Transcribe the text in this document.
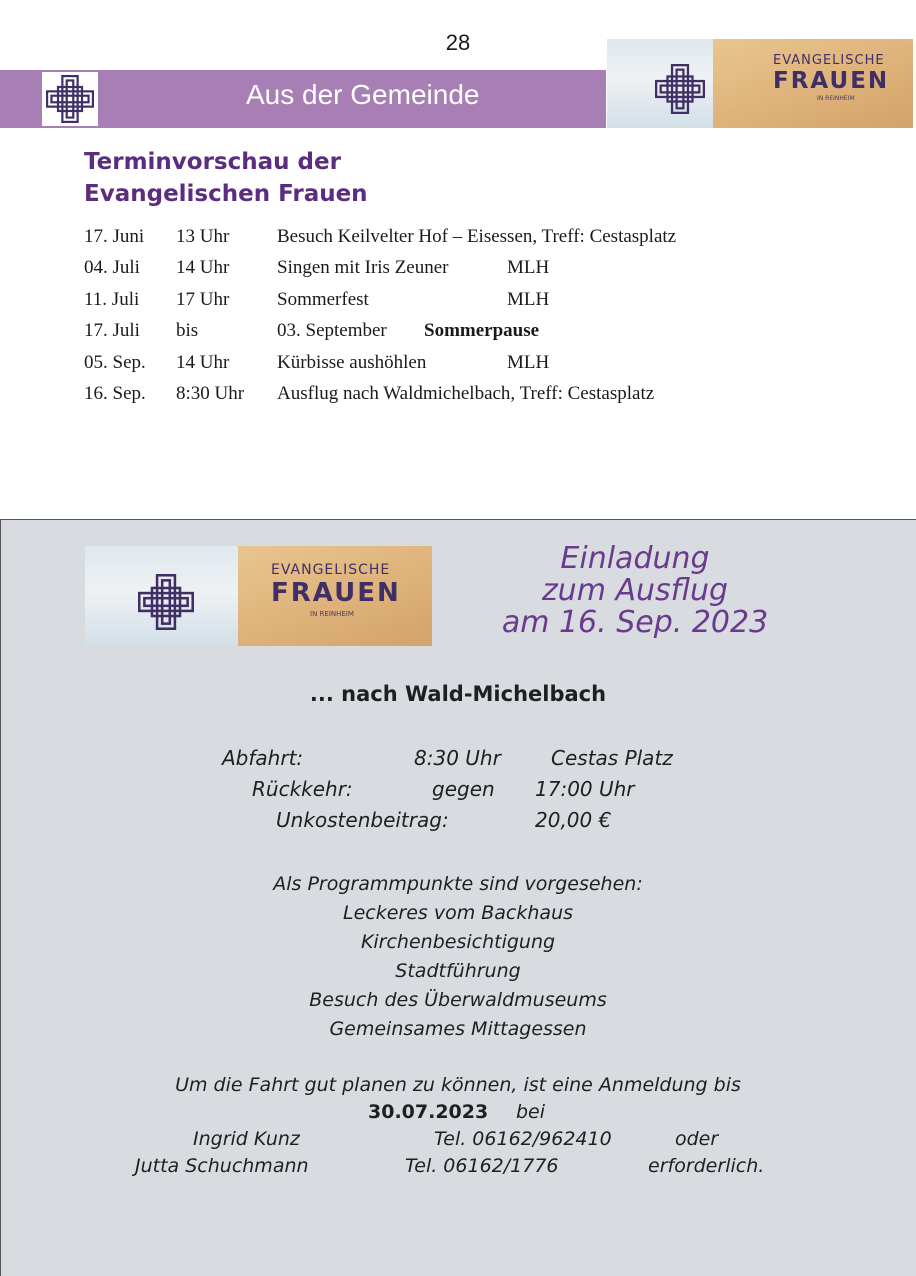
28
Aus der Gemeinde
EVANGELISCHE
FRAUEN
IN REINHEIM
Terminvorschau der
Evangelischen Frauen
17. Juni 13 Uhr	Besuch Keilvelter Hof – Eisessen, Treff: Cestasplatz
04. Juli 14 Uhr	Singen mit Iris Zeuner	MLH
11. Juli 17 Uhr	Sommerfest	MLH
17. Juli bis	03. September Sommerpause
05. Sep. 14 Uhr	Kürbisse aushöhlen	MLH
16. Sep. 8:30 Uhr Ausflug nach Waldmichelbach, Treff: Cestasplatz
EVANGELISCHE
FRAUEN
IN REINHEIM
Einladung
zum Ausflug
am 16. Sep. 2023
... nach Wald-Michelbach
Abfahrt:	8:30 Uhr	Cestas Platz
Rückkehr:	gegen 17:00 Uhr
Unkostenbeitrag:	20,00 €
Als Programmpunkte sind vorgesehen:
Leckeres vom Backhaus
Kirchenbesichtigung
Stadtführung
Besuch des Überwaldmuseums
Gemeinsames Mittagessen
Um die Fahrt gut planen zu können, ist eine Anmeldung bis
30.07.2023 bei
Ingrid Kunz	Tel. 06162/962410	oder
Jutta Schuchmann	Tel. 06162/1776	erforderlich.
